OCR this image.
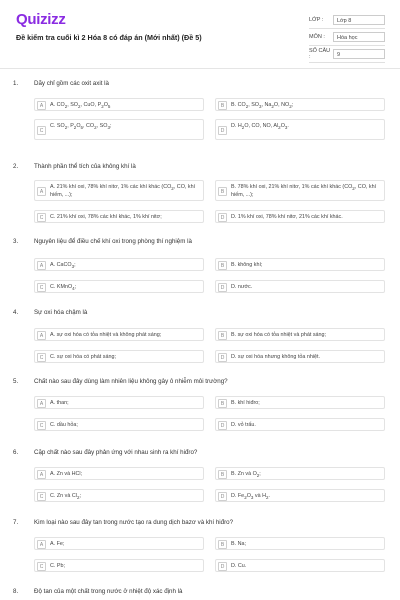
Quizizz
Đề kiểm tra cuối kì 2 Hóa 8 có đáp án (Mới nhất) (Đề 5)
LỚP :	Lớp 8
MÔN :	Hóa học
SỐ CÂU :	9
1.	Dãy chỉ gồm các oxit axit là
A	A. $CO_2$, $SO_2$, CuO, $P_2O_5$	B	B. $CO_2$, $SO_3$, $Na_2O$, $NO_2$;
C
C. $SO_2$, $P_2O_5$, $CO_2$, $SO_3$;
D
D. $H_2O$, CO, NO, $Al_2O_3$.
2.	Thành phần thể tích của không khí là
A
A. 21% khí oxi, 78% khí nitơ, 1% các khí khác ($CO_2$, CO, khí hiếm, ...);
B
B. 78% khí oxi, 21% khí nitơ, 1% các khí khác ($CO_2$, CO, khí hiếm, ...);
C	C. 21% khí oxi, 78% các khí khác, 1% khí nitơ;	D	D. 1% khí oxi, 78% khí nitơ, 21% các khí khác.
3.	Nguyên liệu để điều chế khí oxi trong phòng thí nghiệm là
A	A. CaCO$_3$;	B	B. không khí;
C	C. KMnO$_4$;	D	D. nước.
4.	Sự oxi hóa chậm là
A	A. sự oxi hóa có tỏa nhiệt và không phát sáng;	B	B. sự oxi hóa có tỏa nhiệt và phát sáng;
C	C. sự oxi hóa có phát sáng;	D	D. sự oxi hóa nhưng không tỏa nhiệt.
5.	Chất nào sau đây dùng làm nhiên liệu không gây ô nhiễm môi trường?
A	A. than;	B	B. khí hiđro;
C	C. dầu hỏa;	D	D. vỏ trấu.
6.	Cặp chất nào sau đây phản ứng với nhau sinh ra khí hiđro?
A	A. Zn và HCl;	B	B. Zn và $O_2$;
C	C. Zn và $Cl_2$;	D	D. $Fe_2O_3$ và $H_2$.
7.	Kim loại nào sau đây tan trong nước tạo ra dung dịch bazơ và khí hiđro?
A	A. Fe;	B	B. Na;
C	C. Pb;	D	D. Cu.
8.	Độ tan của một chất trong nước ở nhiệt độ xác định là
